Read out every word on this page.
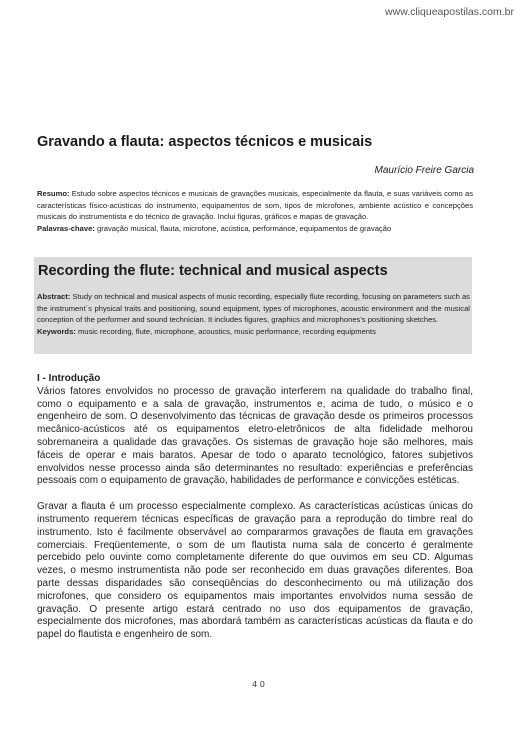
www.cliqueapostilas.com.br
Gravando a flauta: aspectos técnicos e musicais
Maurício Freire Garcia
Resumo: Estudo sobre aspectos técnicos e musicais de gravações musicais, especialmente da flauta, e suas variáveis como as características físico-acústicas do instrumento, equipamentos de som, tipos de microfones, ambiente acústico e concepções musicais do instrumentista e do técnico de gravação. Inclui figuras, gráficos e mapas de gravação.
Palavras-chave: gravação musical, flauta, microfone, acústica, performance, equipamentos de gravação
Recording the flute: technical and musical aspects
Abstract: Study on technical and musical aspects of music recording, especially flute recording, focusing on parameters such as the instrument´s physical traits and positioning, sound equipment, types of microphones, acoustic environment and the musical conception of the performer and sound technician. It includes figures, graphics and microphones's positioning sketches.
Keywords: music recording, flute, microphone, acoustics, music performance, recording equipments
I - Introdução

Vários fatores envolvidos no processo de gravação interferem na qualidade do trabalho final, como o equipamento e a sala de gravação, instrumentos e, acima de tudo, o músico e o engenheiro de som. O desenvolvimento das técnicas de gravação desde os primeiros processos mecânico-acústicos até os equipamentos eletro-eletrônicos de alta fidelidade melhorou sobremaneira a qualidade das gravações. Os sistemas de gravação hoje são melhores, mais fáceis de operar e mais baratos. Apesar de todo o aparato tecnológico, fatores subjetivos envolvidos nesse processo ainda são determinantes no resultado: experiências e preferências pessoais com o equipamento de gravação, habilidades de performance e convicções estéticas.

Gravar a flauta é um processo especialmente complexo. As características acústicas únicas do instrumento requerem técnicas específicas de gravação para a reprodução do timbre real do instrumento. Isto é facilmente observável ao compararmos gravações de flauta em gravações comerciais. Freqüentemente, o som de um flautista numa sala de concerto é geralmente percebido pelo ouvinte como completamente diferente do que ouvimos em seu CD. Algumas vezes, o mesmo instrumentista não pode ser reconhecido em duas gravações diferentes. Boa parte dessas disparidades são conseqüências do desconhecimento ou má utilização dos microfones, que considero os equipamentos mais importantes envolvidos numa sessão de gravação. O presente artigo estará centrado no uso dos equipamentos de gravação, especialmente dos microfones, mas abordará também as características acústicas da flauta e do papel do flautista e engenheiro de som.

40
